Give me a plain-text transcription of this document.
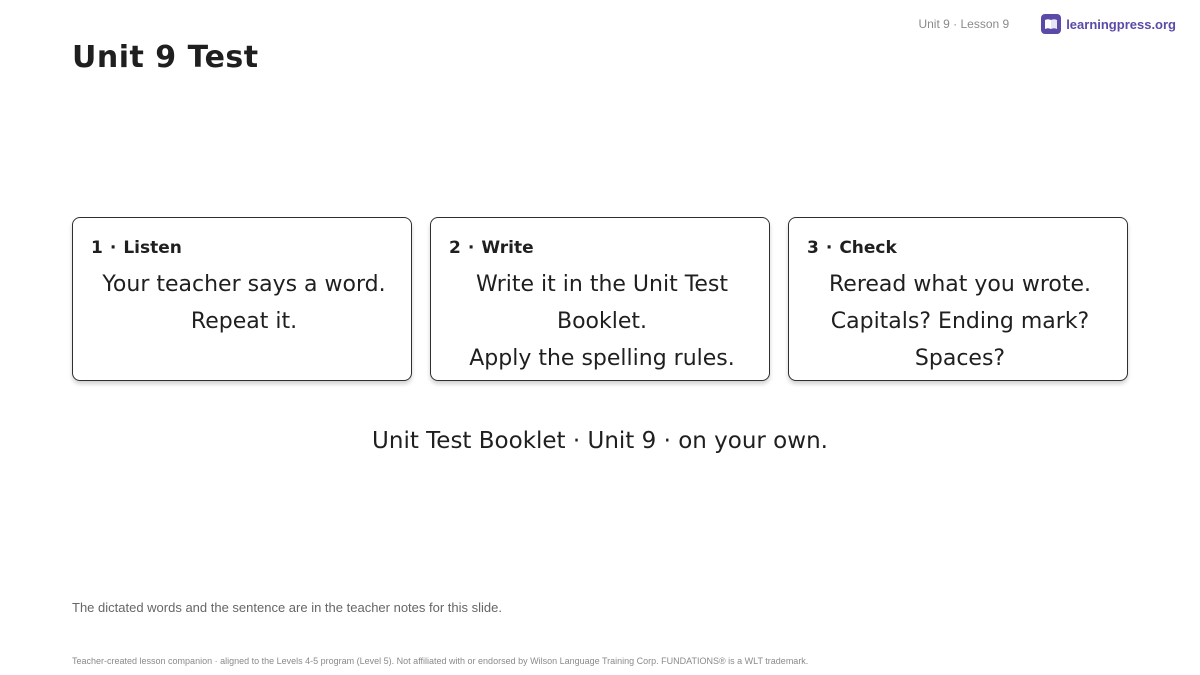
Unit 9 · Lesson 9	learningpress.org
Unit 9 Test
1 · Listen
Your teacher says a word.
Repeat it.
2 · Write
Write it in the Unit Test
Booklet.
Apply the spelling rules.
3 · Check
Reread what you wrote.
Capitals? Ending mark?
Spaces?
Unit Test Booklet · Unit 9 · on your own.
The dictated words and the sentence are in the teacher notes for this slide.
Teacher-created lesson companion · aligned to the Levels 4-5 program (Level 5). Not affiliated with or endorsed by Wilson Language Training Corp. FUNDATIONS® is a WLT trademark.
